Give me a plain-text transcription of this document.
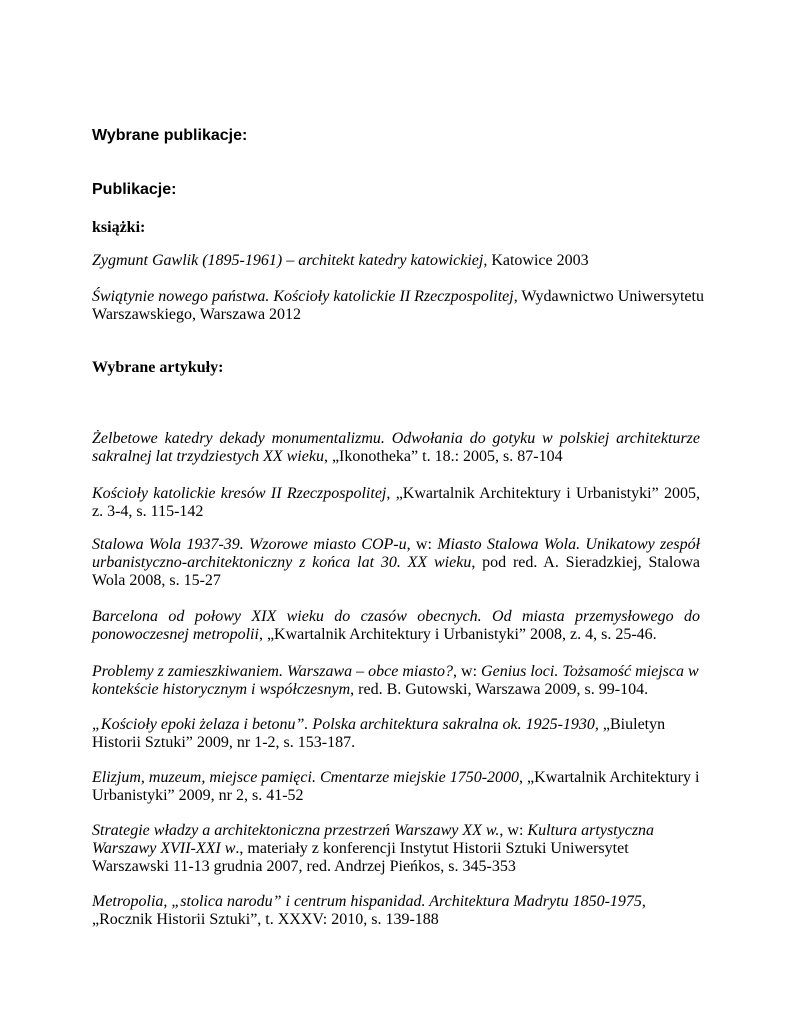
Wybrane publikacje:
Publikacje:
książki:
Zygmunt Gawlik (1895-1961) – architekt katedry katowickiej, Katowice 2003
Świątynie nowego państwa. Kościoły katolickie II Rzeczpospolitej, Wydawnictwo Uniwersytetu Warszawskiego, Warszawa 2012
Wybrane artykuły:
Żelbetowe katedry dekady monumentalizmu. Odwołania do gotyku w polskiej architekturze sakralnej lat trzydziestych XX wieku, „Ikonotheka” t. 18.: 2005, s. 87-104
Kościoły katolickie kresów II Rzeczpospolitej, „Kwartalnik Architektury i Urbanistyki” 2005, z. 3-4, s. 115-142
Stalowa Wola 1937-39. Wzorowe miasto COP-u, w: Miasto Stalowa Wola. Unikatowy zespół urbanistyczno-architektoniczny z końca lat 30. XX wieku, pod red. A. Sieradzkiej, Stalowa Wola 2008, s. 15-27
Barcelona od połowy XIX wieku do czasów obecnych. Od miasta przemysłowego do ponowoczesnej metropolii, „Kwartalnik Architektury i Urbanistyki” 2008, z. 4, s. 25-46.
Problemy z zamieszkiwaniem. Warszawa – obce miasto?, w: Genius loci. Tożsamość miejsca w kontekście historycznym i współczesnym, red. B. Gutowski, Warszawa 2009, s. 99-104.
„Kościoły epoki żelaza i betonu”. Polska architektura sakralna ok. 1925-1930, „Biuletyn Historii Sztuki” 2009, nr 1-2, s. 153-187.
Elizjum, muzeum, miejsce pamięci. Cmentarze miejskie 1750-2000, „Kwartalnik Architektury i Urbanistyki” 2009, nr 2, s. 41-52
Strategie władzy a architektoniczna przestrzeń Warszawy XX w., w: Kultura artystyczna Warszawy XVII-XXI w., materiały z konferencji Instytut Historii Sztuki Uniwersytet Warszawski 11-13 grudnia 2007, red. Andrzej Pieńkos, s. 345-353
Metropolia, „stolica narodu” i centrum hispanidad. Architektura Madrytu 1850-1975, „Rocznik Historii Sztuki”, t. XXXV: 2010, s. 139-188
